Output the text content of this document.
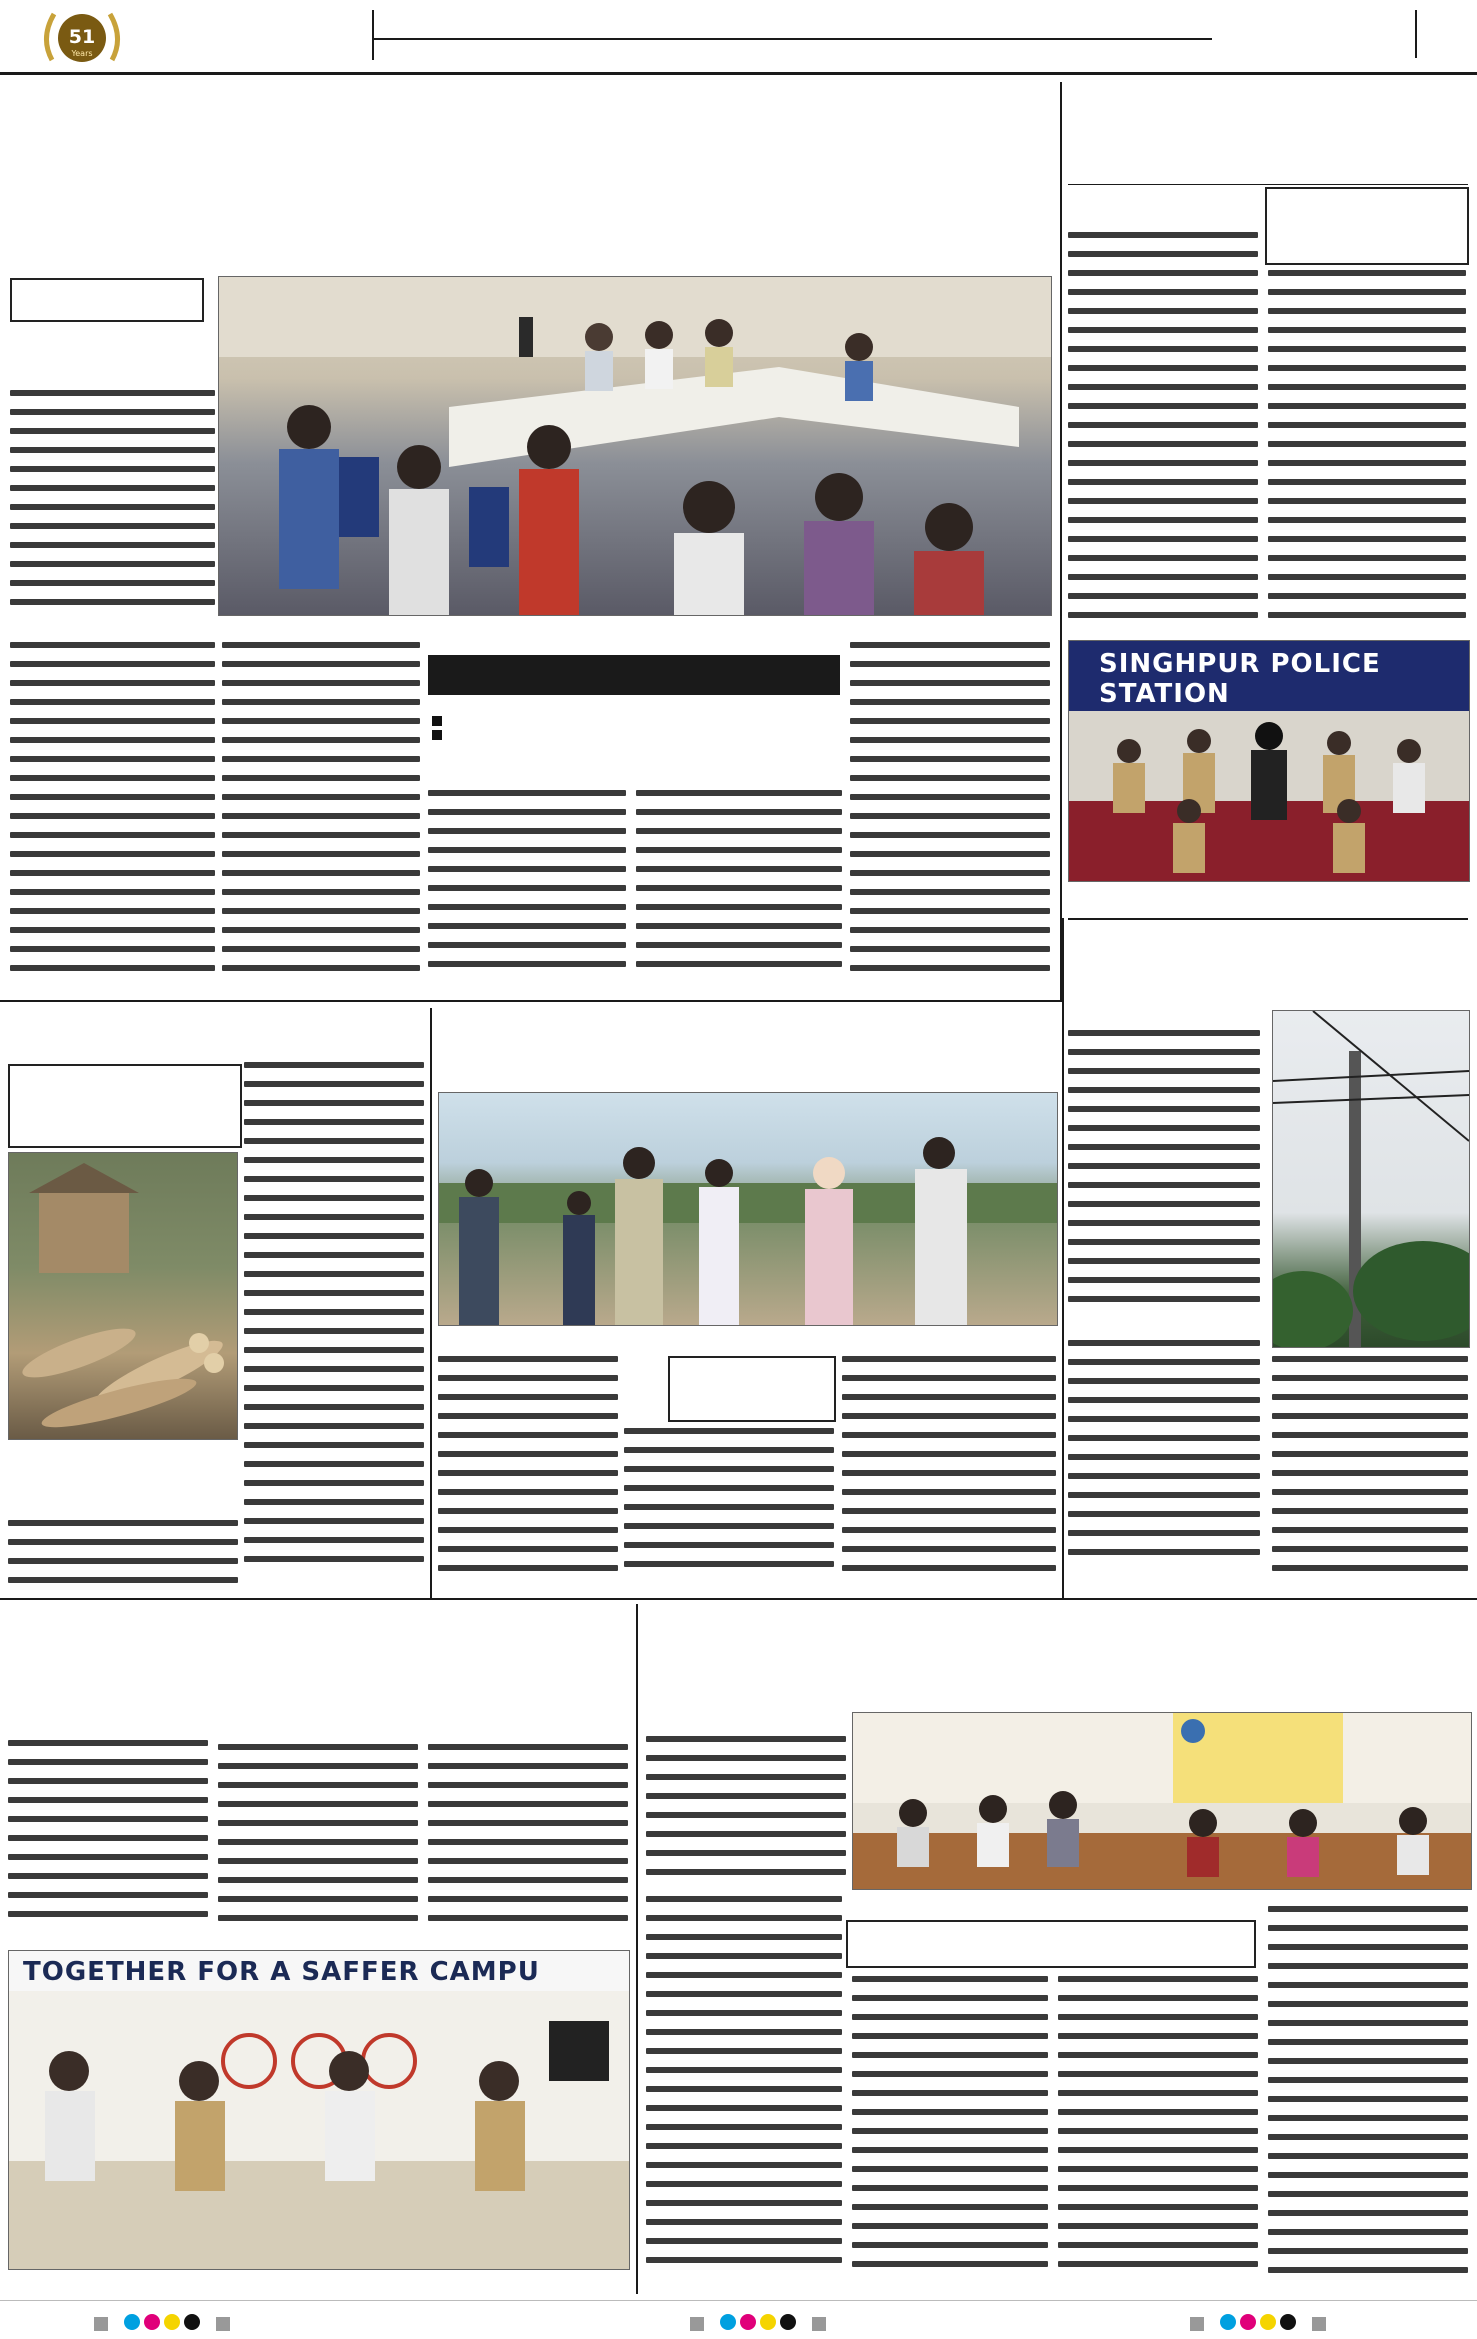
51
Years
SINGHPUR POLICE STATION
TOGETHER FOR A SAFFER CAMPU
